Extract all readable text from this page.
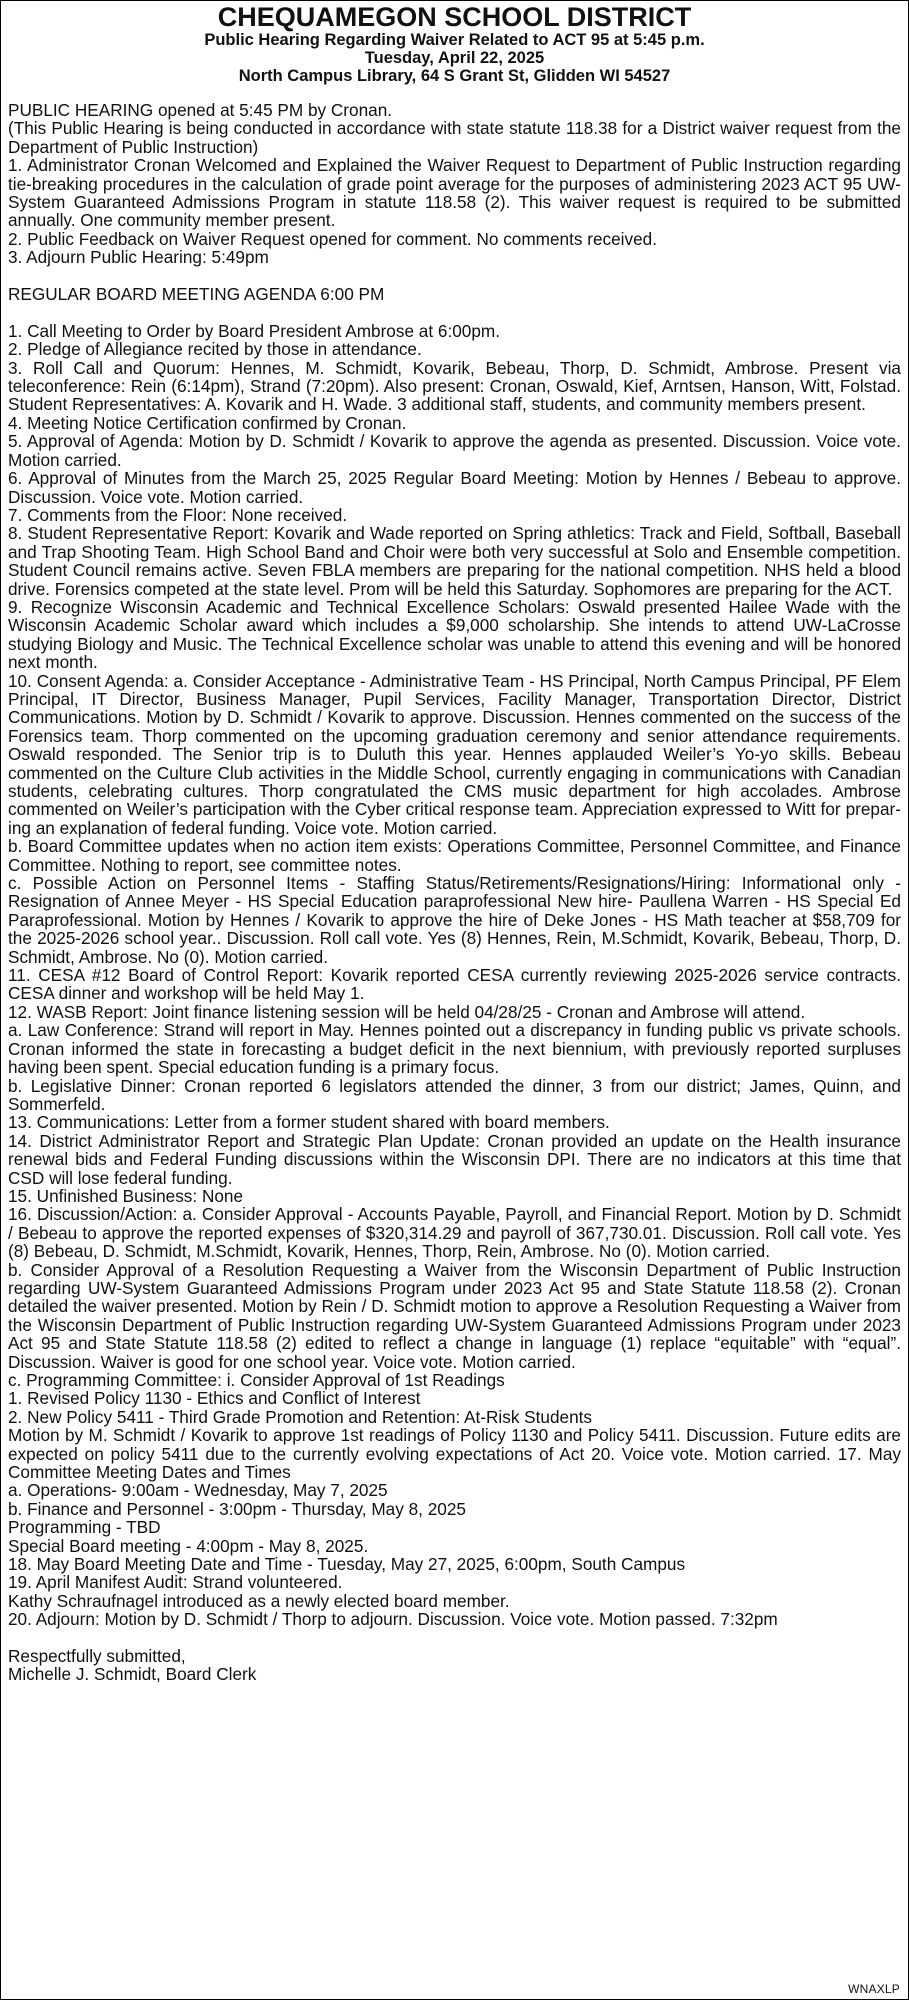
CHEQUAMEGON SCHOOL DISTRICT
Public Hearing Regarding Waiver Related to ACT 95 at 5:45 p.m.
Tuesday, April 22, 2025
North Campus Library, 64 S Grant St, Glidden WI 54527

PUBLIC HEARING opened at 5:45 PM by Cronan.

(This Public Hearing is being conducted in accordance with state statute 118.38 for a District waiver request from the Department of Public Instruction)

1. Administrator Cronan Welcomed and Explained the Waiver Request to Department of Public Instruction regarding tie-breaking procedures in the calculation of grade point average for the purposes of administering 2023 ACT 95 UW-System Guaranteed Admissions Program in statute 118.58 (2). This waiver request is required to be submitted annually. One community member present.

2. Public Feedback on Waiver Request opened for comment. No comments received.

3. Adjourn Public Hearing: 5:49pm

REGULAR BOARD MEETING AGENDA 6:00 PM

1. Call Meeting to Order by Board President Ambrose at 6:00pm.

2. Pledge of Allegiance recited by those in attendance.

3. Roll Call and Quorum: Hennes, M. Schmidt, Kovarik, Bebeau, Thorp, D. Schmidt, Ambrose. Present via teleconference: Rein (6:14pm), Strand (7:20pm). Also present: Cronan, Oswald, Kief, Arntsen, Hanson, Witt, Folstad. Student Representatives: A. Kovarik and H. Wade. 3 additional staff, students, and community members present.

4. Meeting Notice Certification confirmed by Cronan.

5. Approval of Agenda: Motion by D. Schmidt / Kovarik to approve the agenda as presented. Discussion. Voice vote. Motion carried.

6. Approval of Minutes from the March 25, 2025 Regular Board Meeting: Motion by Hennes / Bebeau to approve. Discussion. Voice vote. Motion carried.

7. Comments from the Floor: None received.

8. Student Representative Report: Kovarik and Wade reported on Spring athletics: Track and Field, Softball, Baseball and Trap Shooting Team. High School Band and Choir were both very successful at Solo and Ensemble competition. Student Council remains active. Seven FBLA members are preparing for the national competition. NHS held a blood drive. Forensics competed at the state level. Prom will be held this Saturday. Sophomores are preparing for the ACT.

9. Recognize Wisconsin Academic and Technical Excellence Scholars: Oswald presented Hailee Wade with the Wisconsin Academic Scholar award which includes a $9,000 scholarship. She intends to attend UW-LaCrosse studying Biology and Music. The Technical Excellence scholar was unable to attend this evening and will be honored next month.

10. Consent Agenda: a. Consider Acceptance - Administrative Team - HS Principal, North Campus Principal, PF Elem Principal, IT Director, Business Manager, Pupil Services, Facility Manager, Transportation Director, District Communications. Motion by D. Schmidt / Kovarik to approve. Discussion. Hennes commented on the success of the Forensics team. Thorp commented on the upcoming graduation ceremony and senior attendance requirements. Oswald responded. The Senior trip is to Duluth this year. Hennes applauded Weiler’s Yo-yo skills. Bebeau commented on the Culture Club activities in the Middle School, currently engaging in communications with Canadian students, celebrating cultures. Thorp congratulated the CMS music department for high accolades. Ambrose commented on Weiler’s participation with the Cyber critical response team. Appreciation expressed to Witt for preparing an explanation of federal funding. Voice vote. Motion carried.

b. Board Committee updates when no action item exists: Operations Committee, Personnel Committee, and Finance Committee. Nothing to report, see committee notes.

c. Possible Action on Personnel Items - Staffing Status/Retirements/Resignations/Hiring: Informational only - Resignation of Annee Meyer - HS Special Education paraprofessional New hire- Paullena Warren - HS Special Ed Paraprofessional. Motion by Hennes / Kovarik to approve the hire of Deke Jones - HS Math teacher at $58,709 for the 2025-2026 school year.. Discussion. Roll call vote. Yes (8) Hennes, Rein, M.Schmidt, Kovarik, Bebeau, Thorp, D. Schmidt, Ambrose. No (0). Motion carried.

11. CESA #12 Board of Control Report: Kovarik reported CESA currently reviewing 2025-2026 service contracts. CESA dinner and workshop will be held May 1.

12. WASB Report: Joint finance listening session will be held 04/28/25 - Cronan and Ambrose will attend.

a. Law Conference: Strand will report in May. Hennes pointed out a discrepancy in funding public vs private schools. Cronan informed the state in forecasting a budget deficit in the next biennium, with previously reported surpluses having been spent. Special education funding is a primary focus.

b. Legislative Dinner: Cronan reported 6 legislators attended the dinner, 3 from our district; James, Quinn, and Sommerfeld.

13. Communications: Letter from a former student shared with board members.

14. District Administrator Report and Strategic Plan Update: Cronan provided an update on the Health insurance renewal bids and Federal Funding discussions within the Wisconsin DPI. There are no indicators at this time that CSD will lose federal funding.

15. Unfinished Business: None

16. Discussion/Action: a. Consider Approval - Accounts Payable, Payroll, and Financial Report. Motion by D. Schmidt / Bebeau to approve the reported expenses of $320,314.29 and payroll of 367,730.01. Discussion. Roll call vote. Yes (8) Bebeau, D. Schmidt, M.Schmidt, Kovarik, Hennes, Thorp, Rein, Ambrose. No (0). Motion carried.

b. Consider Approval of a Resolution Requesting a Waiver from the Wisconsin Department of Public Instruction regarding UW-System Guaranteed Admissions Program under 2023 Act 95 and State Statute 118.58 (2). Cronan detailed the waiver presented. Motion by Rein / D. Schmidt motion to approve a Resolution Requesting a Waiver from the Wisconsin Department of Public Instruction regarding UW-System Guaranteed Admissions Program under 2023 Act 95 and State Statute 118.58 (2) edited to reflect a change in language (1) replace “equitable” with “equal”. Discussion. Waiver is good for one school year. Voice vote. Motion carried.

c. Programming Committee: i. Consider Approval of 1st Readings

1. Revised Policy 1130 - Ethics and Conflict of Interest

2. New Policy 5411 - Third Grade Promotion and Retention: At-Risk Students

Motion by M. Schmidt / Kovarik to approve 1st readings of Policy 1130 and Policy 5411. Discussion. Future edits are expected on policy 5411 due to the currently evolving expectations of Act 20. Voice vote. Motion carried. 17. May Committee Meeting Dates and Times

a. Operations- 9:00am - Wednesday, May 7, 2025

b. Finance and Personnel - 3:00pm - Thursday, May 8, 2025

Programming - TBD

Special Board meeting - 4:00pm - May 8, 2025.

18. May Board Meeting Date and Time - Tuesday, May 27, 2025, 6:00pm, South Campus

19. April Manifest Audit: Strand volunteered.

Kathy Schraufnagel introduced as a newly elected board member.

20. Adjourn: Motion by D. Schmidt / Thorp to adjourn. Discussion. Voice vote. Motion passed. 7:32pm

Respectfully submitted,

Michelle J. Schmidt, Board Clerk

WNAXLP
